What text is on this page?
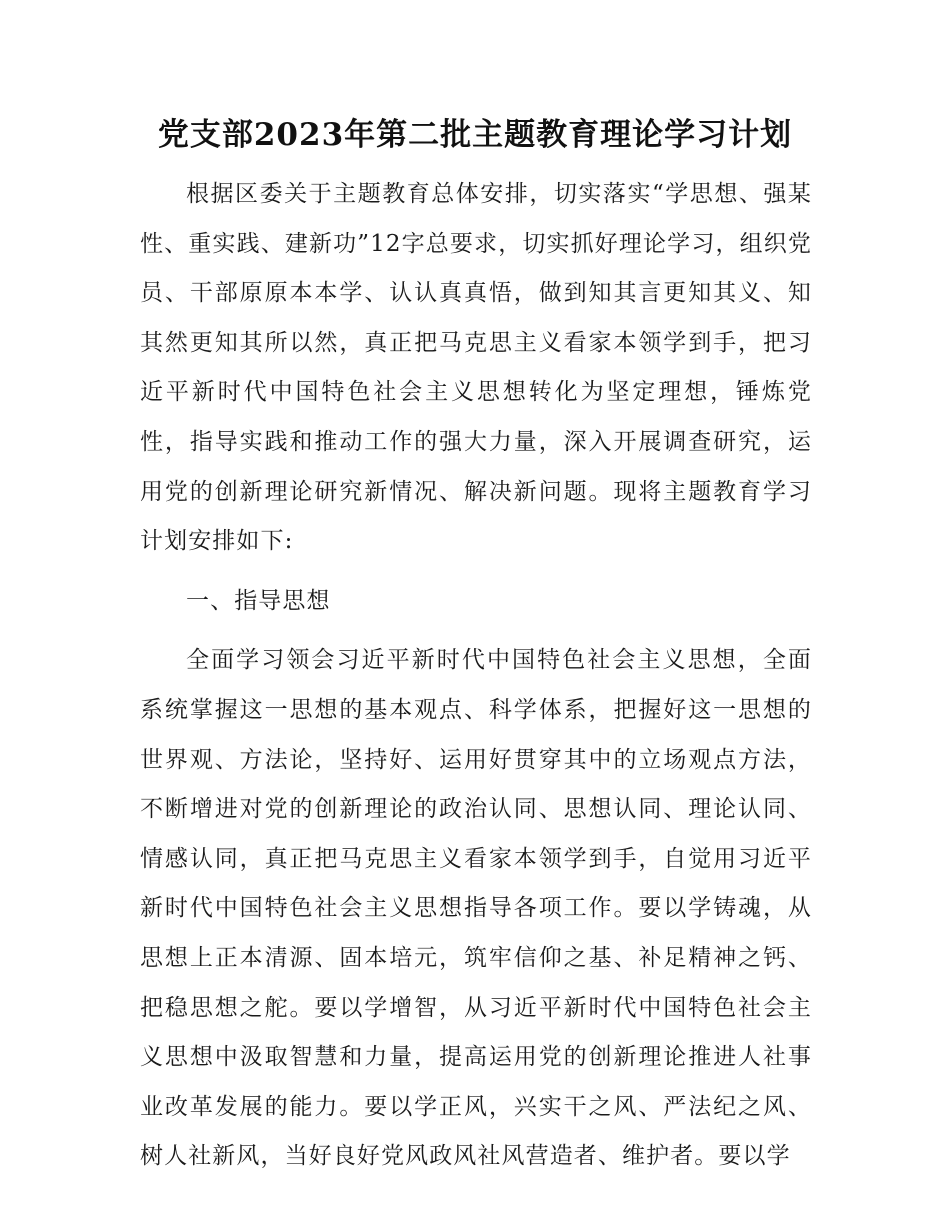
党支部2023年第二批主题教育理论学习计划

根据区委关于主题教育总体安排，切实落实“学思想、强某性、重实践、建新功”12字总要求，切实抓好理论学习，组织党员、干部原原本本学、认认真真悟，做到知其言更知其义、知其然更知其所以然，真正把马克思主义看家本领学到手，把习近平新时代中国特色社会主义思想转化为坚定理想，锤炼党性，指导实践和推动工作的强大力量，深入开展调查研究，运用党的创新理论研究新情况、解决新问题。现将主题教育学习计划安排如下:

一、指导思想

全面学习领会习近平新时代中国特色社会主义思想，全面系统掌握这一思想的基本观点、科学体系，把握好这一思想的世界观、方法论，坚持好、运用好贯穿其中的立场观点方法，不断增进对党的创新理论的政治认同、思想认同、理论认同、情感认同，真正把马克思主义看家本领学到手，自觉用习近平新时代中国特色社会主义思想指导各项工作。要以学铸魂，从思想上正本清源、固本培元，筑牢信仰之基、补足精神之钙、把稳思想之舵。要以学增智，从习近平新时代中国特色社会主义思想中汲取智慧和力量，提高运用党的创新理论推进人社事业改革发展的能力。要以学正风，兴实干之风、严法纪之风、树人社新风，当好良好党风政风社风营造者、维护者。要以学
